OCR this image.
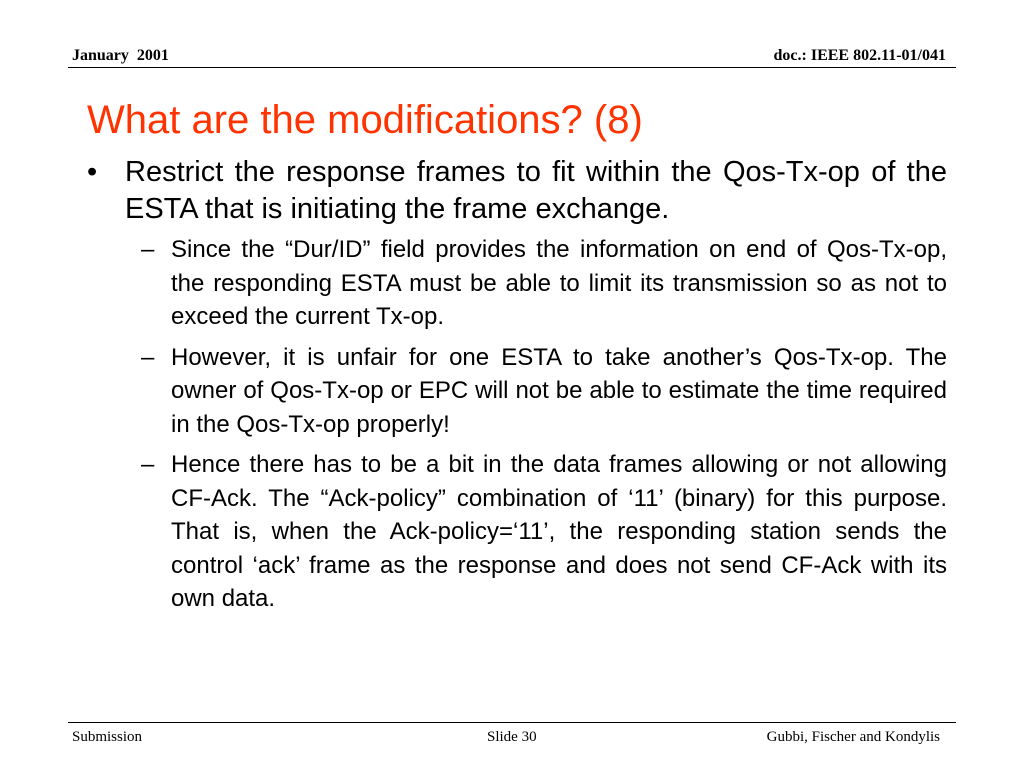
January  2001	doc.: IEEE 802.11-01/041
What are the modifications? (8)
• Restrict the response frames to fit within the Qos-Tx-op of the ESTA that is initiating the frame exchange.
– Since the “Dur/ID” field provides the information on end of Qos-Tx-op, the responding ESTA must be able to limit its transmission so as not to exceed the current Tx-op.
– However, it is unfair for one ESTA to take another’s Qos-Tx-op. The owner of Qos-Tx-op or EPC will not be able to estimate the time required in the Qos-Tx-op properly!
– Hence there has to be a bit in the data frames allowing or not allowing CF-Ack. The “Ack-policy” combination of ‘11’ (binary) for this purpose. That is, when the Ack-policy=‘11’, the responding station sends the control ‘ack’ frame as the response and does not send CF-Ack with its own data.
Submission	Slide 30	Gubbi, Fischer and Kondylis
